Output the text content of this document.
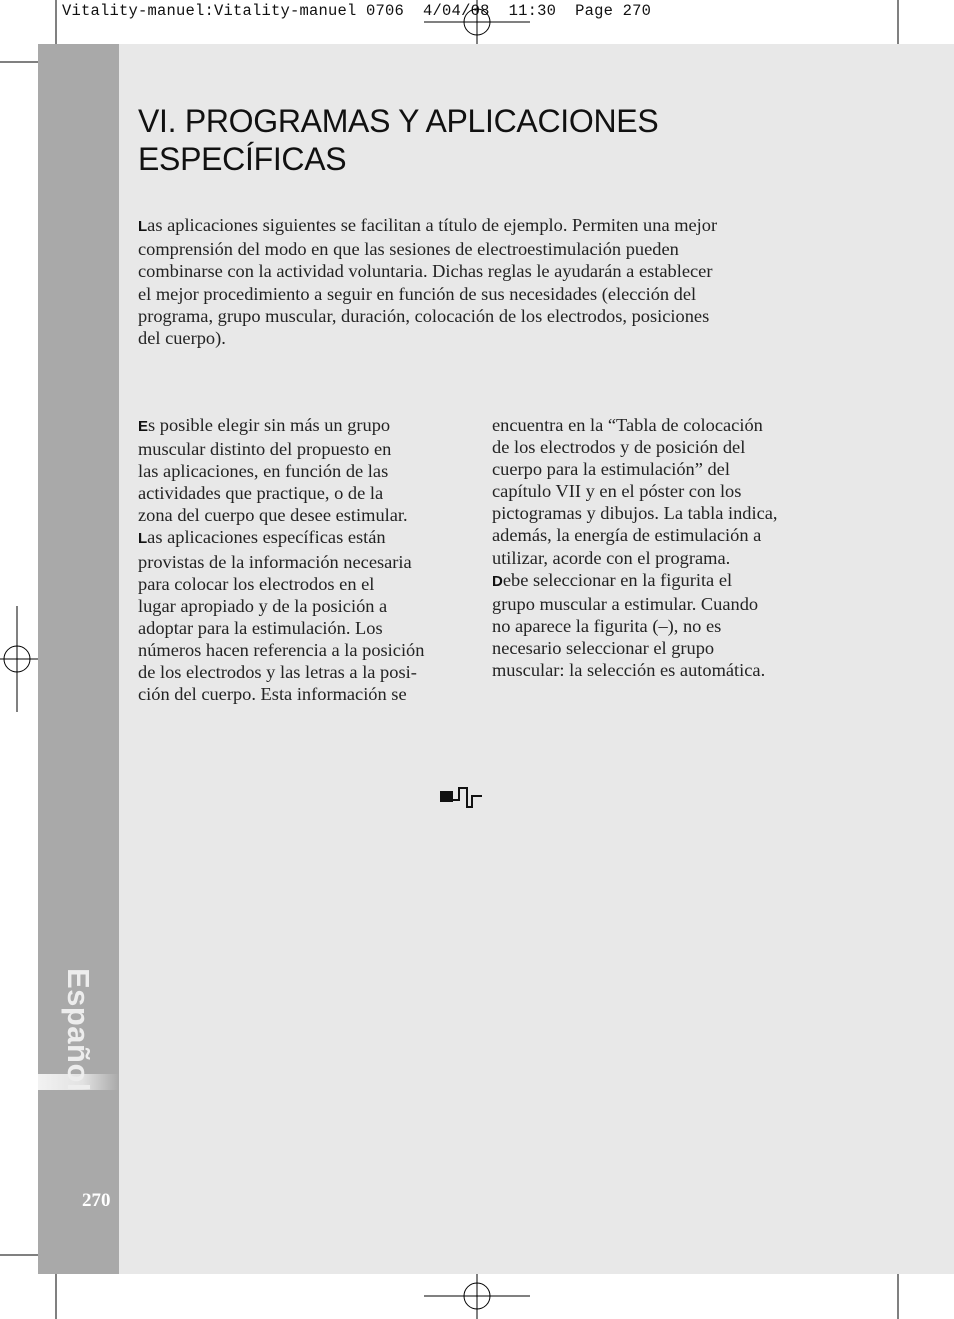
Vitality-manuel:Vitality-manuel 0706  4/04/08  11:30  Page 270
Español
270
VI. PROGRAMAS Y APLICACIONES
ESPECÍFICAS

Las aplicaciones siguientes se facilitan a título de ejemplo. Permiten una mejor
comprensión del modo en que las sesiones de electroestimulación pueden
combinarse con la actividad voluntaria. Dichas reglas le ayudarán a establecer
el mejor procedimiento a seguir en función de sus necesidades (elección del
programa, grupo muscular, duración, colocación de los electrodos, posiciones
del cuerpo).

Es posible elegir sin más un grupo
muscular distinto del propuesto en
las aplicaciones, en función de las
actividades que practique, o de la
zona del cuerpo que desee estimular.

Las aplicaciones específicas están
provistas de la información necesaria
para colocar los electrodos en el
lugar apropiado y de la posición a
adoptar para la estimulación. Los
números hacen referencia a la posición
de los electrodos y las letras a la posi-
ción del cuerpo. Esta información se

encuentra en la “Tabla de colocación
de los electrodos y de posición del
cuerpo para la estimulación” del
capítulo VII y en el póster con los
pictogramas y dibujos. La tabla indica,
además, la energía de estimulación a
utilizar, acorde con el programa.

Debe seleccionar en la figurita el
grupo muscular a estimular. Cuando
no aparece la figurita (–), no es
necesario seleccionar el grupo
muscular: la selección es automática.
